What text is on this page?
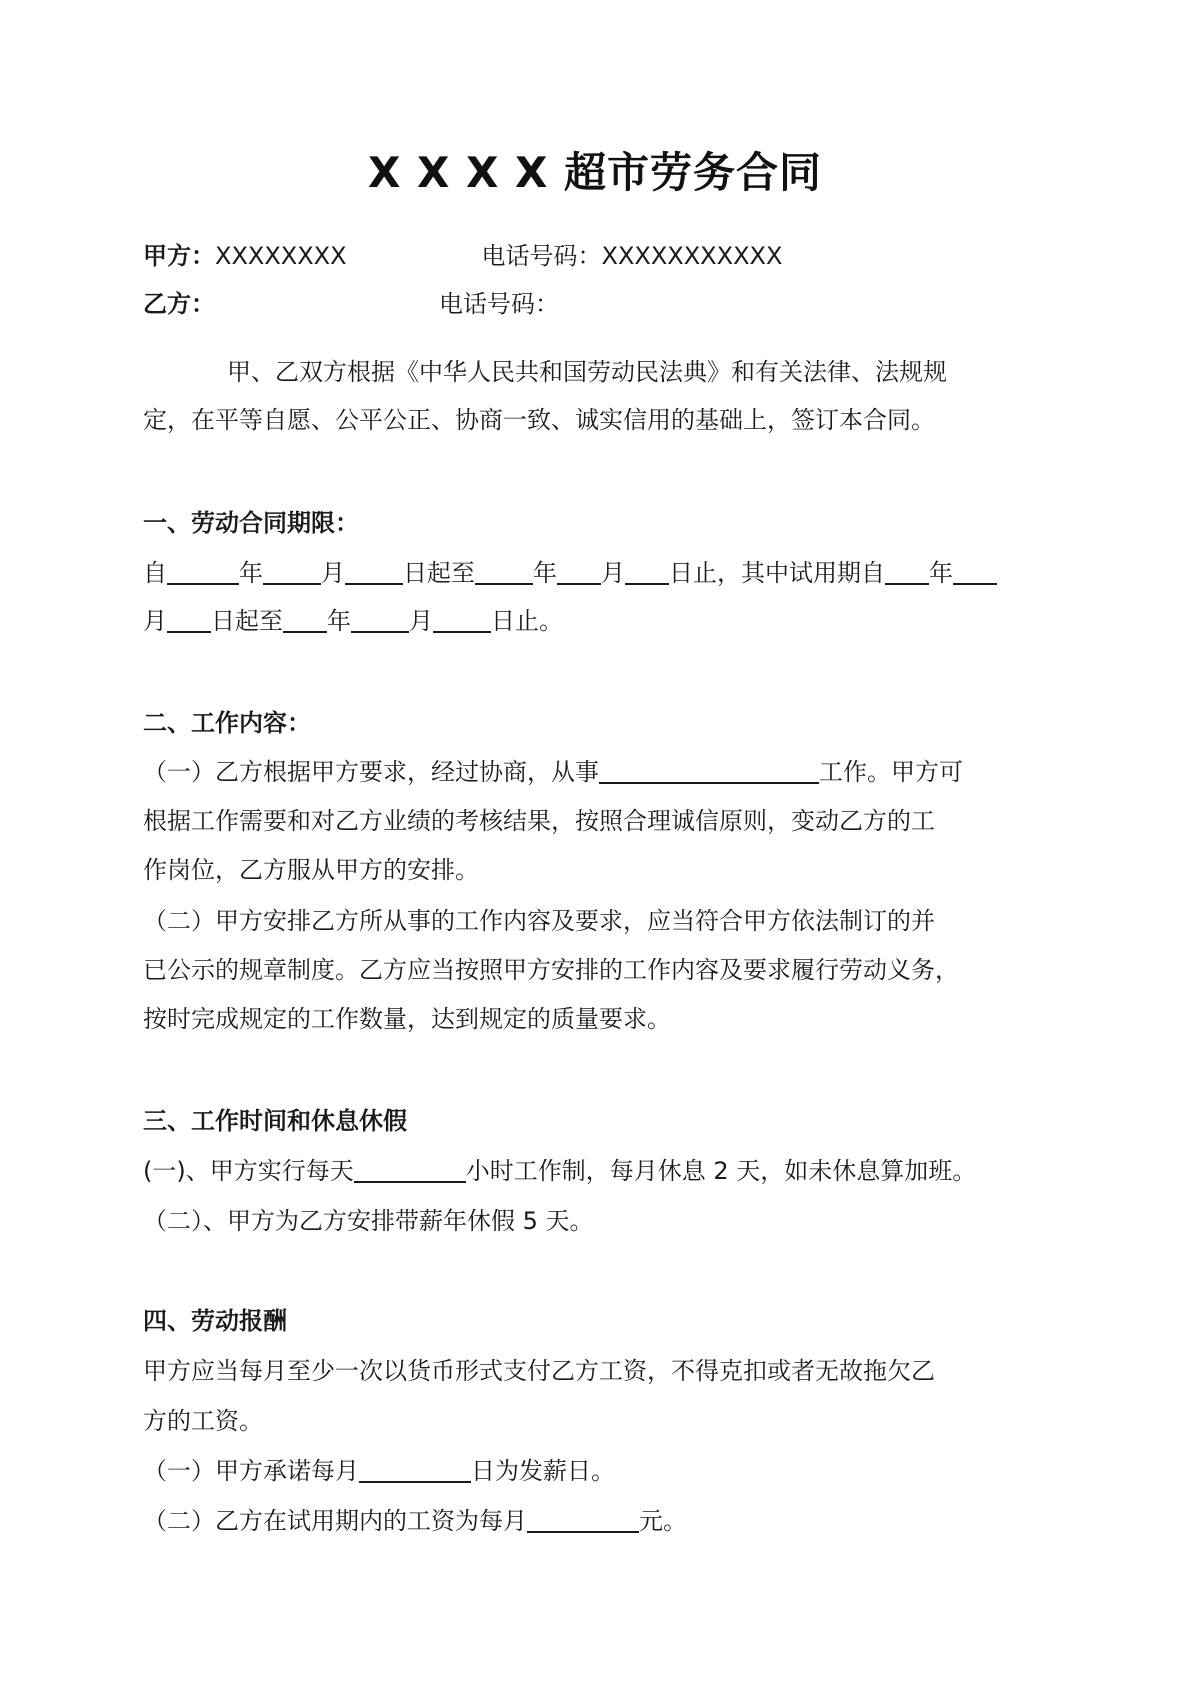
X X X X 超市劳务合同
甲方：XXXXXXXX	电话号码：XXXXXXXXXXX
乙方：	电话号码：
甲、乙双方根据《中华人民共和国劳动民法典》和有关法律、法规规
定，在平等自愿、公平公正、协商一致、诚实信用的基础上，签订本合同。
一、劳动合同期限：
自	年 月 日起至 年 月 日止，其中试用期自 年
月 日起至 年 月 日止。
二、工作内容：
（一）乙方根据甲方要求，经过协商，从事	工作。甲方可
根据工作需要和对乙方业绩的考核结果，按照合理诚信原则，变动乙方的工
作岗位，乙方服从甲方的安排。
（二）甲方安排乙方所从事的工作内容及要求，应当符合甲方依法制订的并
已公示的规章制度。乙方应当按照甲方安排的工作内容及要求履行劳动义务，
按时完成规定的工作数量，达到规定的质量要求。
三、工作时间和休息休假
(一)、甲方实行每天	小时工作制，每月休息 2 天，如未休息算加班。
（二）、甲方为乙方安排带薪年休假 5 天。
四、劳动报酬
甲方应当每月至少一次以货币形式支付乙方工资，不得克扣或者无故拖欠乙
方的工资。
（一）甲方承诺每月	日为发薪日。
（二）乙方在试用期内的工资为每月	元。
